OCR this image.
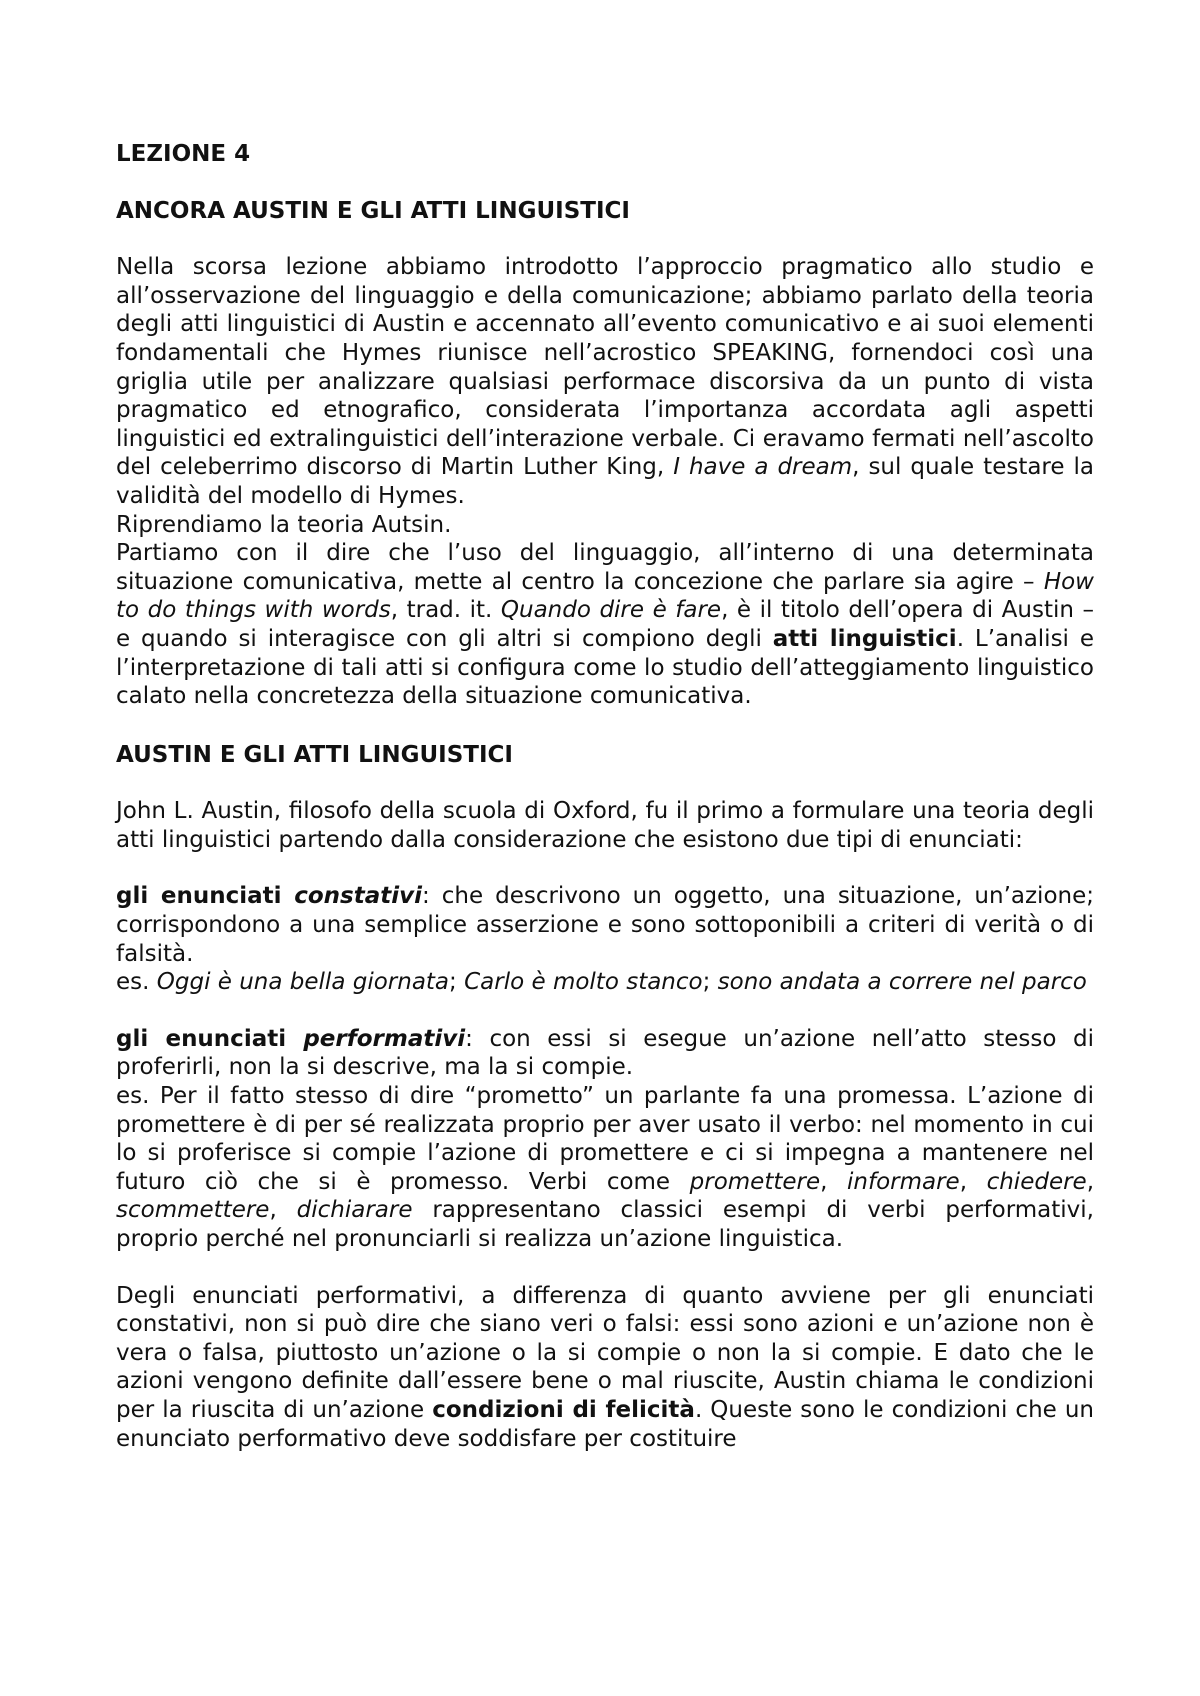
LEZIONE 4

ANCORA AUSTIN E GLI ATTI LINGUISTICI

Nella scorsa lezione abbiamo introdotto l’approccio pragmatico allo studio e all’osservazione del linguaggio e della comunicazione; abbiamo parlato della teoria degli atti linguistici di Austin e accennato all’evento comunicativo e ai suoi elementi fondamentali che Hymes riunisce nell’acrostico SPEAKING, fornendoci così una griglia utile per analizzare qualsiasi performace discorsiva da un punto di vista pragmatico ed etnografico, considerata l’importanza accordata agli aspetti linguistici ed extralinguistici dell’interazione verbale. Ci eravamo fermati nell’ascolto del celeberrimo discorso di Martin Luther King, I have a dream, sul quale testare la validità del modello di Hymes.

Riprendiamo la teoria Autsin.

Partiamo con il dire che l’uso del linguaggio, all’interno di una determinata situazione comunicativa, mette al centro la concezione che parlare sia agire – How to do things with words, trad. it. Quando dire è fare, è il titolo dell’opera di Austin – e quando si interagisce con gli altri si compiono degli atti linguistici. L’analisi e l’interpretazione di tali atti si configura come lo studio dell’atteggiamento linguistico calato nella concretezza della situazione comunicativa.

AUSTIN E GLI ATTI LINGUISTICI

John L. Austin, filosofo della scuola di Oxford, fu il primo a formulare una teoria degli atti linguistici partendo dalla considerazione che esistono due tipi di enunciati:

gli enunciati constativi: che descrivono un oggetto, una situazione, un’azione; corrispondono a una semplice asserzione e sono sottoponibili a criteri di verità o di falsità.

es. Oggi è una bella giornata; Carlo è molto stanco; sono andata a correre nel parco

gli enunciati performativi: con essi si esegue un’azione nell’atto stesso di proferirli, non la si descrive, ma la si compie.

es. Per il fatto stesso di dire “prometto” un parlante fa una promessa. L’azione di promettere è di per sé realizzata proprio per aver usato il verbo: nel momento in cui lo si proferisce si compie l’azione di promettere e ci si impegna a mantenere nel futuro ciò che si è promesso. Verbi come promettere, informare, chiedere, scommettere, dichiarare rappresentano classici esempi di verbi performativi, proprio perché nel pronunciarli si realizza un’azione linguistica.

Degli enunciati performativi, a differenza di quanto avviene per gli enunciati constativi, non si può dire che siano veri o falsi: essi sono azioni e un’azione non è vera o falsa, piuttosto un’azione o la si compie o non la si compie. E dato che le azioni vengono definite dall’essere bene o mal riuscite, Austin chiama le condizioni per la riuscita di un’azione condizioni di felicità. Queste sono le condizioni che un enunciato performativo deve soddisfare per costituire
